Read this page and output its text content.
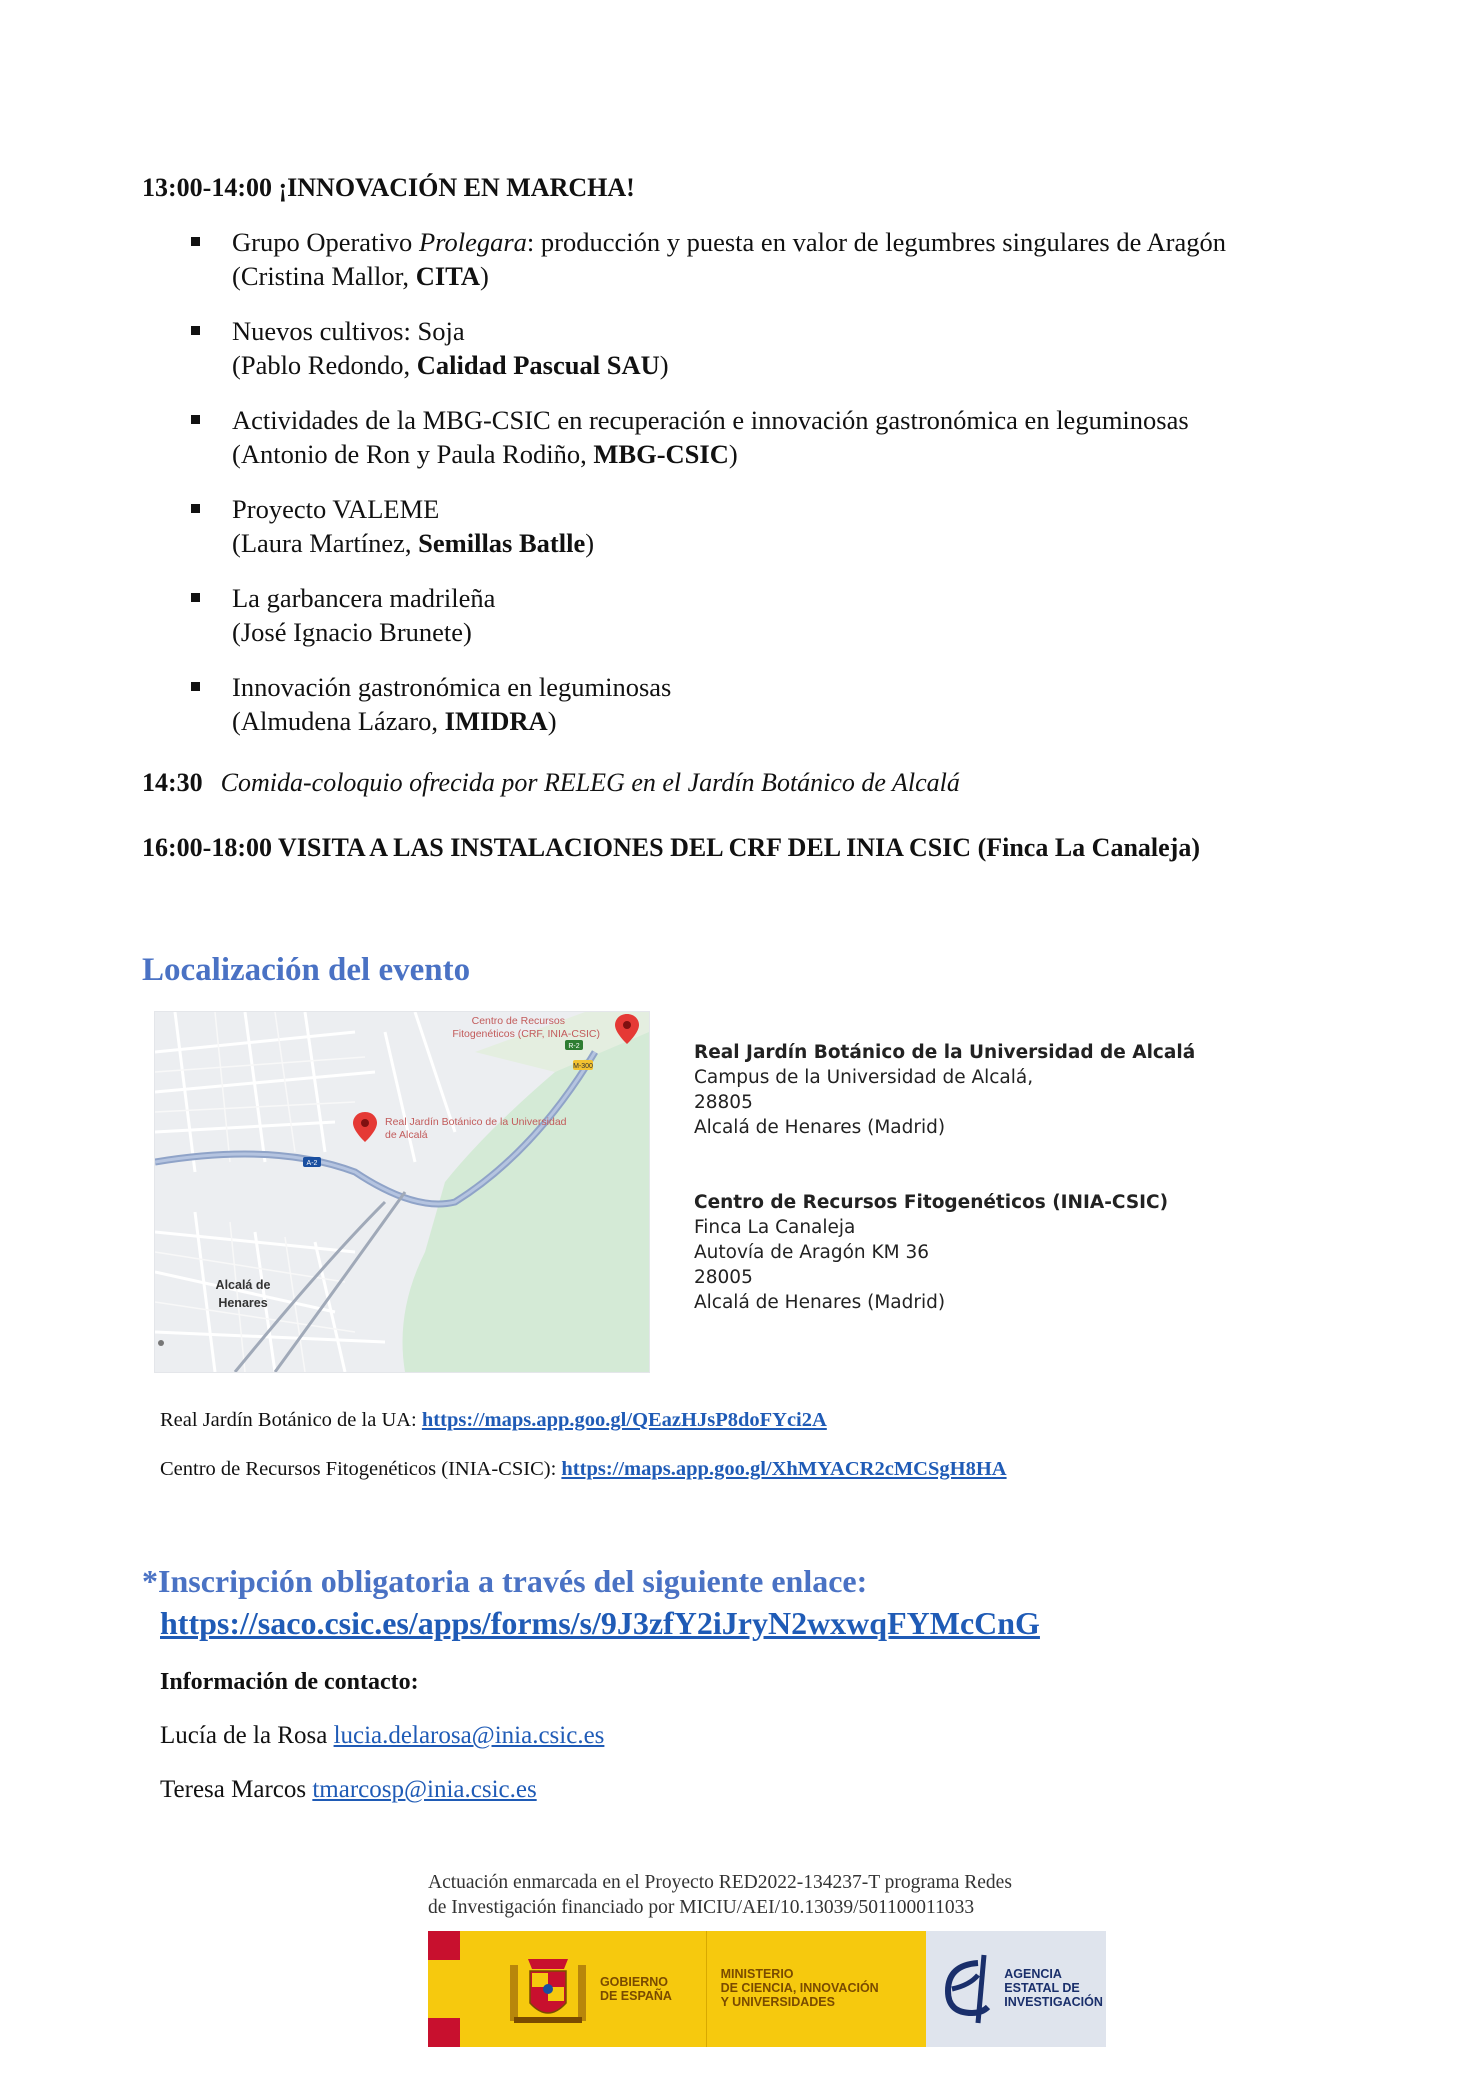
13:00-14:00 ¡INNOVACIÓN EN MARCHA!
Grupo Operativo Prolegara: producción y puesta en valor de legumbres singulares de Aragón
(Cristina Mallor, CITA)
Nuevos cultivos: Soja
(Pablo Redondo, Calidad Pascual SAU)
Actividades de la MBG-CSIC en recuperación e innovación gastronómica en leguminosas
(Antonio de Ron y Paula Rodiño, MBG-CSIC)
Proyecto VALEME
(Laura Martínez, Semillas Batlle)
La garbancera madrileña
(José Ignacio Brunete)
Innovación gastronómica en leguminosas
(Almudena Lázaro, IMIDRA)
14:30 Comida-coloquio ofrecida por RELEG en el Jardín Botánico de Alcalá
16:00-18:00 VISITA A LAS INSTALACIONES DEL CRF DEL INIA CSIC (Finca La Canaleja)
Localización del evento
A-2
R-2
M-300
Centro de Recursos
Fitogenéticos (CRF, INIA-CSIC)
Real Jardín Botánico de la Universidad
de Alcalá
Alcalá de
Henares
Real Jardín Botánico de la Universidad de Alcalá
Campus de la Universidad de Alcalá,
28805
Alcalá de Henares (Madrid)
Centro de Recursos Fitogenéticos (INIA-CSIC)
Finca La Canaleja
Autovía de Aragón KM 36
28005
Alcalá de Henares (Madrid)
Real Jardín Botánico de la UA: https://maps.app.goo.gl/QEazHJsP8doFYci2A
Centro de Recursos Fitogenéticos (INIA-CSIC): https://maps.app.goo.gl/XhMYACR2cMCSgH8HA
*Inscripción obligatoria a través del siguiente enlace:
https://saco.csic.es/apps/forms/s/9J3zfY2iJryN2wxwqFYMcCnG
Información de contacto:
Lucía de la Rosa lucia.delarosa@inia.csic.es
Teresa Marcos tmarcosp@inia.csic.es
Actuación enmarcada en el Proyecto RED2022-134237-T programa Redes
de Investigación financiado por MICIU/AEI/10.13039/501100011033
GOBIERNO
DE ESPAÑA
MINISTERIO
DE CIENCIA, INNOVACIÓN
Y UNIVERSIDADES
AGENCIA
ESTATAL DE
INVESTIGACIÓN
